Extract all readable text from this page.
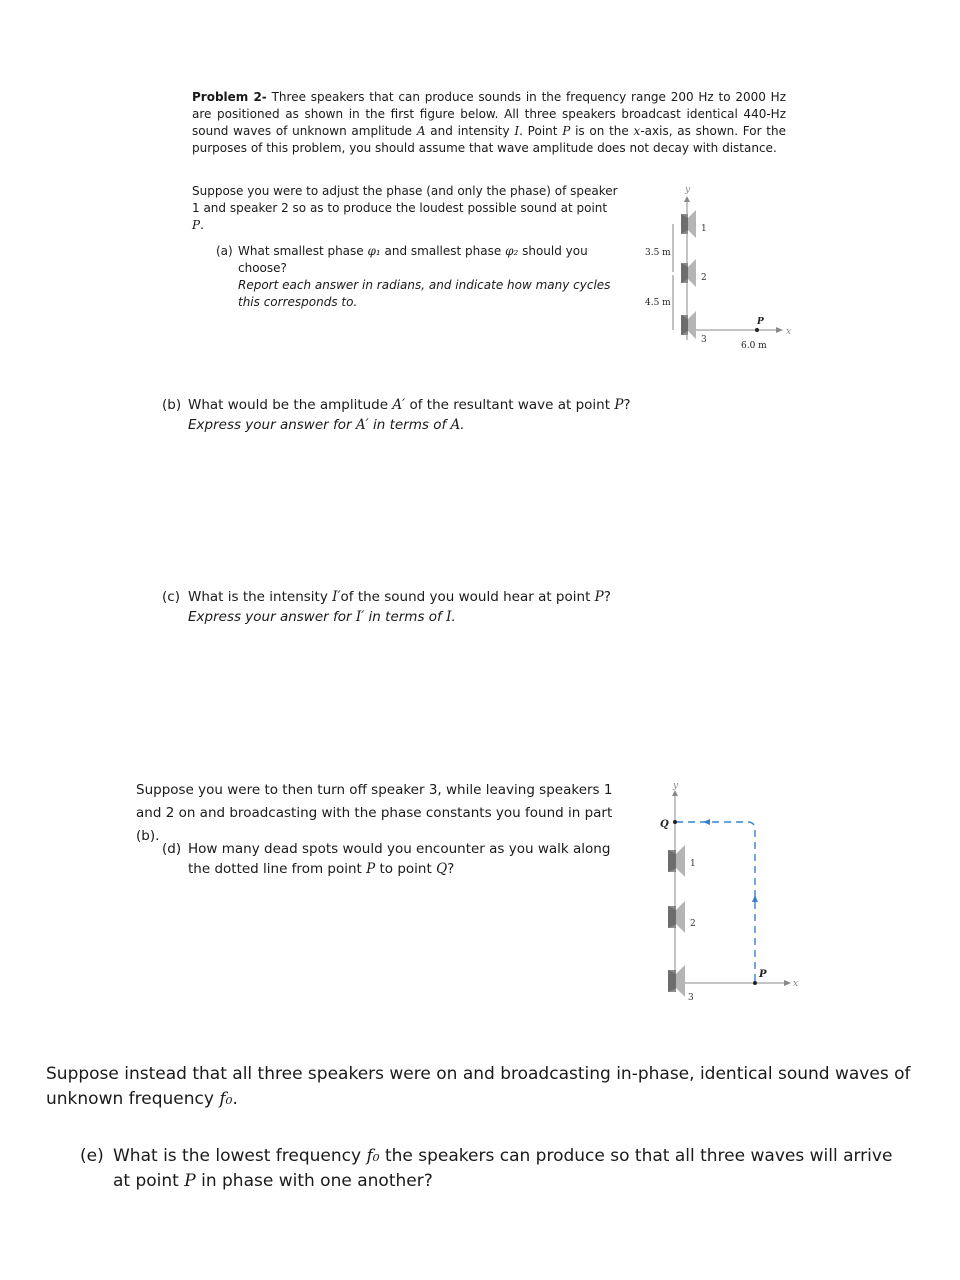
Problem 2- Three speakers that can produce sounds in the frequency range 200 Hz to 2000 Hz are positioned as shown in the first figure below. All three speakers broadcast identical 440-Hz sound waves of unknown amplitude A and intensity I. Point P is on the x-axis, as shown. For the purposes of this problem, you should assume that wave amplitude does not decay with distance.

Suppose you were to adjust the phase (and only the phase) of speaker 1 and speaker 2 so as to produce the loudest possible sound at point P.

(a) What smallest phase φ₁ and smallest phase φ₂ should you choose?
Report each answer in radians, and indicate how many cycles this corresponds to.
y
x
3.5 m
4.5 m
1
2
3
P
6.0 m
(b) What would be the amplitude A′ of the resultant wave at point P?
Express your answer for A′ in terms of A.
(c) What is the intensity I′of the sound you would hear at point P?
Express your answer for I′ in terms of I.

Suppose you were to then turn off speaker 3, while leaving speakers 1 and 2 on and broadcasting with the phase constants you found in part (b).

(d) How many dead spots would you encounter as you walk along the dotted line from point P to point Q?
y
x
Q
P
1
2
3

Suppose instead that all three speakers were on and broadcasting in-phase, identical sound waves of unknown frequency f₀.

(e) What is the lowest frequency f₀ the speakers can produce so that all three waves will arrive at point P in phase with one another?
